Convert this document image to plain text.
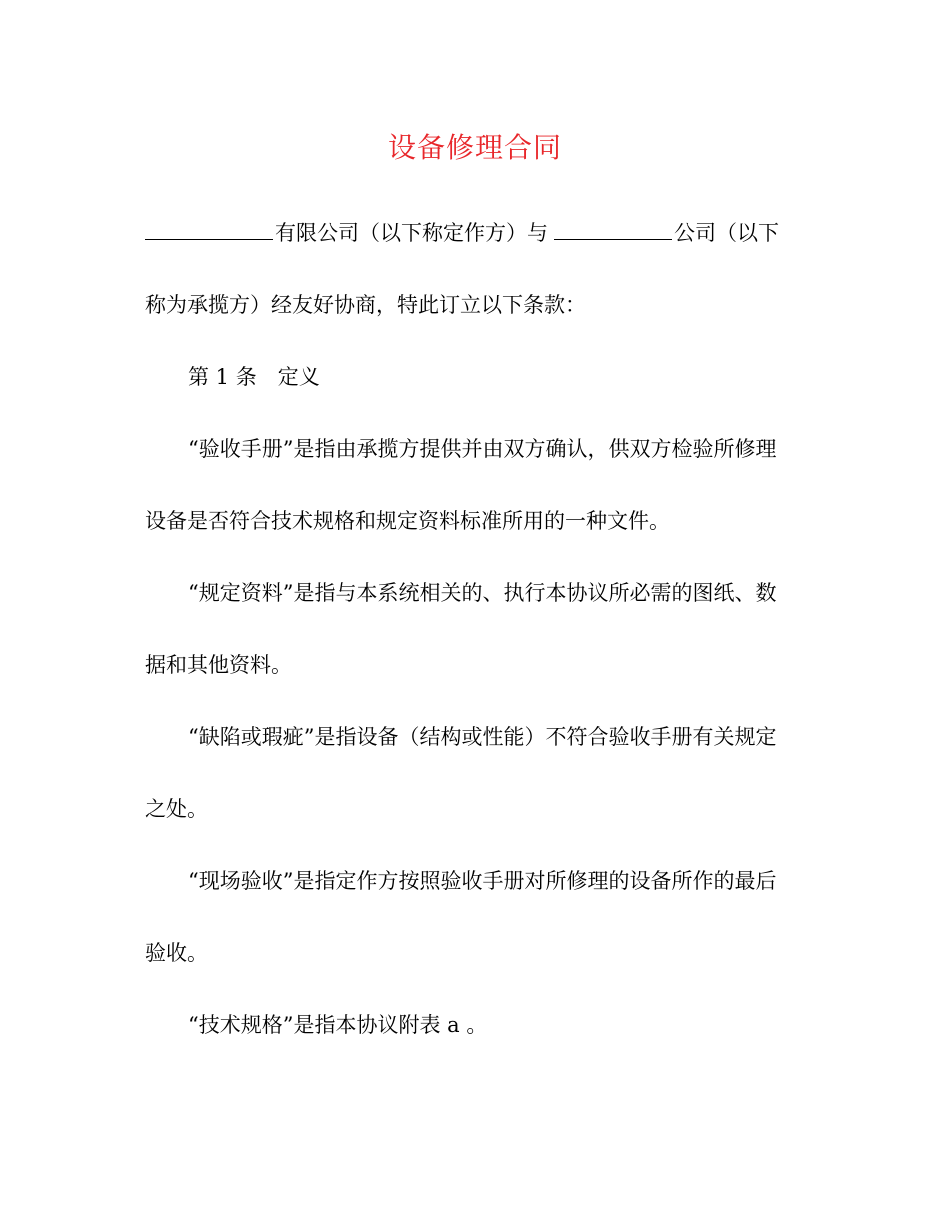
设备修理合同
有限公司（以下称定作方）与	公司（以下
称为承揽方）经友好协商，特此订立以下条款：
第 1 条　定义
“验收手册”是指由承揽方提供并由双方确认，供双方检验所修理
设备是否符合技术规格和规定资料标准所用的一种文件。
“规定资料”是指与本系统相关的、执行本协议所必需的图纸、数
据和其他资料。
“缺陷或瑕疵”是指设备（结构或性能）不符合验收手册有关规定
之处。
“现场验收”是指定作方按照验收手册对所修理的设备所作的最后
验收。
“技术规格”是指本协议附表 a 。
